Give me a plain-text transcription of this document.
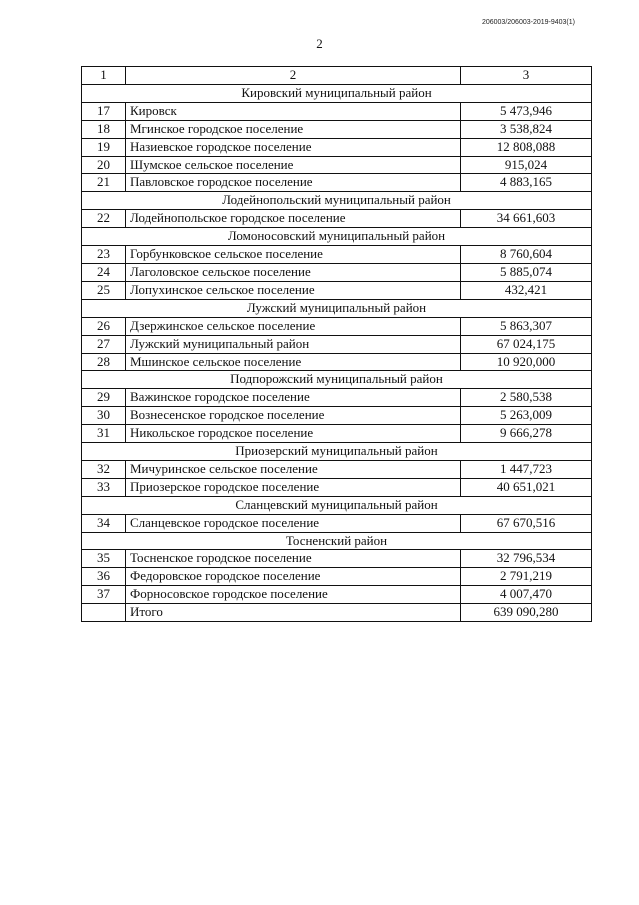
206003/206003-2019-9403(1)
2
1	2	3
Кировский муниципальный район		
17	Кировск	5 473,946
18	Мгинское городское поселение	3 538,824
19	Назиевское городское поселение	12 808,088
20	Шумское сельское поселение	915,024
21	Павловское городское поселение	4 883,165
Лодейнопольский муниципальный район		
22	Лодейнопольское городское поселение	34 661,603
Ломоносовский муниципальный район		
23	Горбунковское сельское поселение	8 760,604
24	Лаголовское сельское поселение	5 885,074
25	Лопухинское сельское поселение	432,421
Лужский муниципальный район		
26	Дзержинское сельское поселение	5 863,307
27	Лужский муниципальный район	67 024,175
28	Мшинское сельское поселение	10 920,000
Подпорожский муниципальный район		
29	Важинское городское поселение	2 580,538
30	Вознесенское городское поселение	5 263,009
31	Никольское городское поселение	9 666,278
Приозерский муниципальный район		
32	Мичуринское сельское поселение	1 447,723
33	Приозерское городское поселение	40 651,021
Сланцевский муниципальный район		
34	Сланцевское городское поселение	67 670,516
Тосненский район		
35	Тосненское городское поселение	32 796,534
36	Федоровское городское поселение	2 791,219
37	Форносовское городское поселение	4 007,470
	Итого	639 090,280
